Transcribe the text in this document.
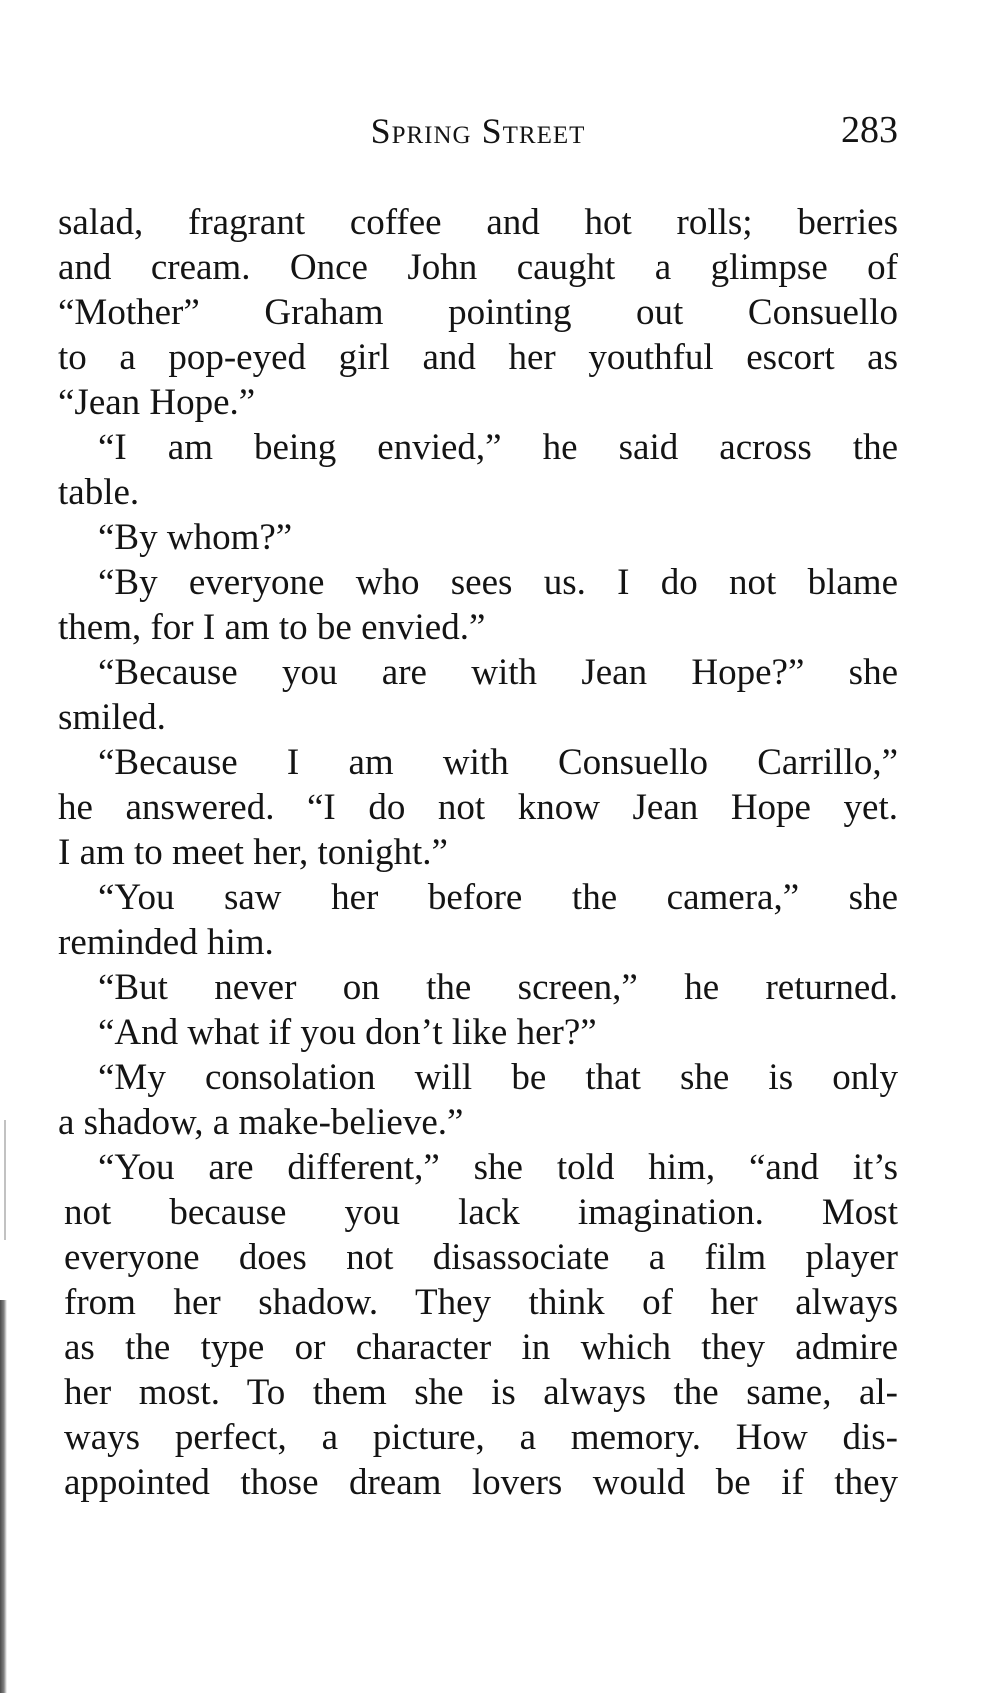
Spring Street	283
salad, fragrant coffee and hot rolls; berries
and cream. Once John caught a glimpse of
“Mother” Graham pointing out Consuello
to a pop-eyed girl and her youthful escort as
“Jean Hope.”
“I am being envied,” he said across the
table.
“By whom?”
“By everyone who sees us. I do not blame
them, for I am to be envied.”
“Because you are with Jean Hope?” she
smiled.
“Because I am with Consuello Carrillo,”
he answered. “I do not know Jean Hope yet.
I am to meet her, tonight.”
“You saw her before the camera,” she
reminded him.
“But never on the screen,” he returned.
“And what if you don’t like her?”
“My consolation will be that she is only
a shadow, a make-believe.”
“You are different,” she told him, “and it’s
not because you lack imagination. Most
everyone does not disassociate a film player
from her shadow. They think of her always
as the type or character in which they admire
her most. To them she is always the same, al-
ways perfect, a picture, a memory. How dis-
appointed those dream lovers would be if they
